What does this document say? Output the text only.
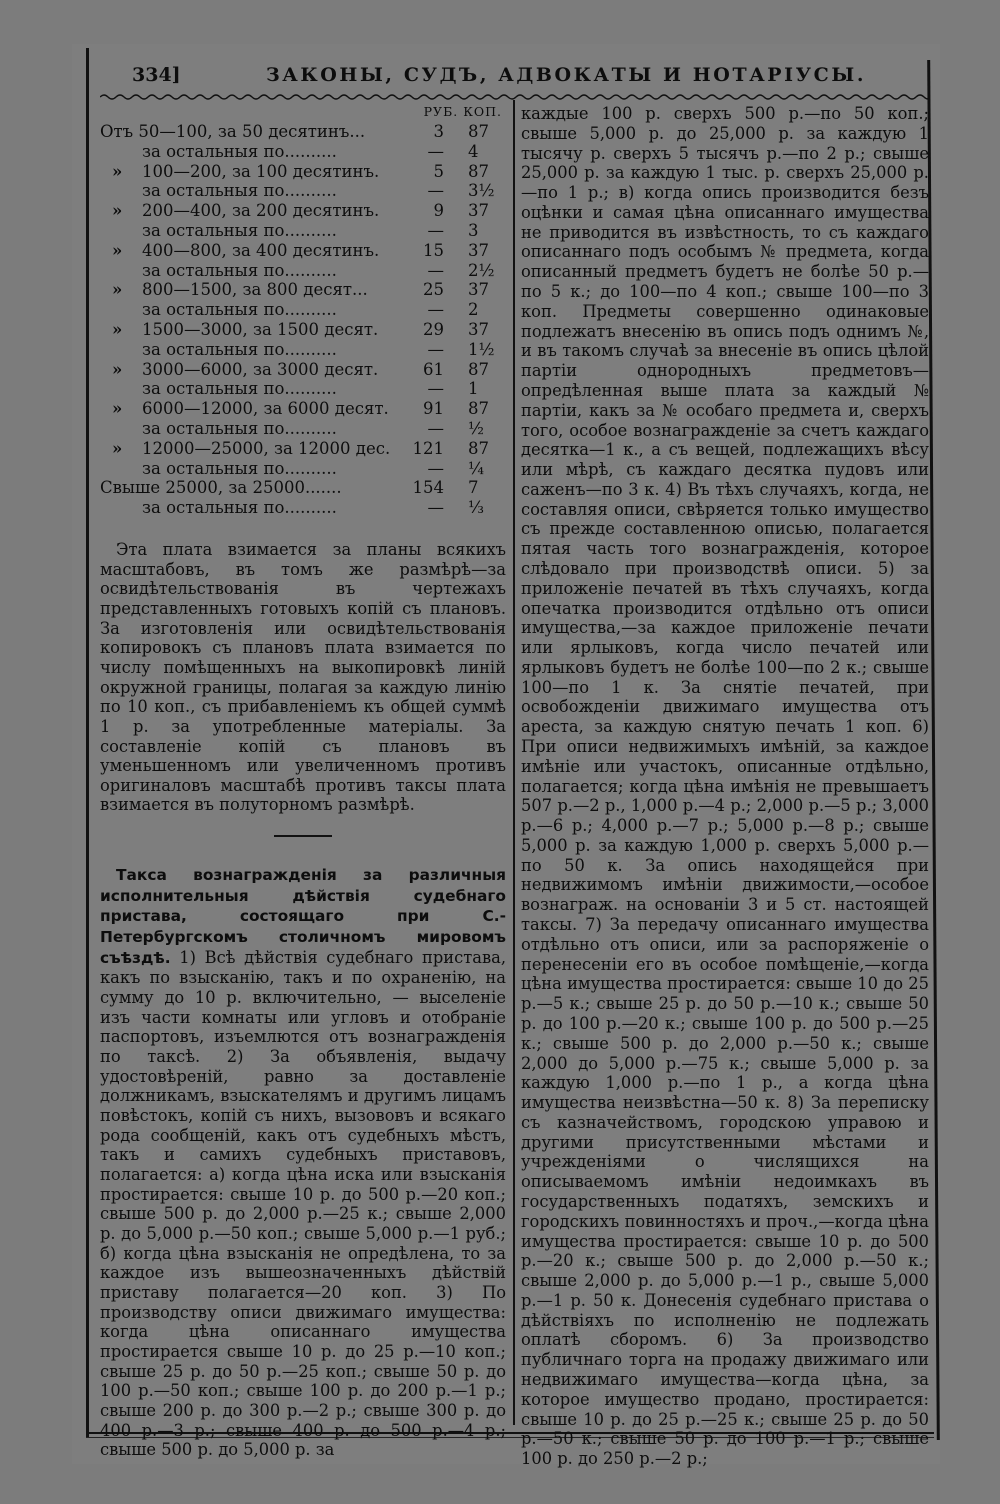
334]	ЗАКОНЫ, СУДЪ, АДВОКАТЫ И НОТАРІУСЫ.
РУБ. КОП.
Отъ 50—100, за 50 десятинъ...	3 87
за остальныя по..........	— 4
» 100—200, за 100 десятинъ.	5 87
за остальныя по..........	— 3½
» 200—400, за 200 десятинъ.	9 37
за остальныя по..........	— 3
» 400—800, за 400 десятинъ.	15 37
за остальныя по..........	— 2½
» 800—1500, за 800 десят...	25 37
за остальныя по..........	— 2
» 1500—3000, за 1500 десят.	29 37
за остальныя по..........	— 1½
» 3000—6000, за 3000 десят.	61 87
за остальныя по..........	— 1
» 6000—12000, за 6000 десят. 91 87
за остальныя по..........	— ½
» 12000—25000, за 12000 дес. 121 87
за остальныя по..........	— ¼
Свыше 25000, за 25000.......	154 7
за остальныя по..........	— ⅓
Эта плата взимается за планы всякихъ масштабовъ, въ томъ же размѣрѣ—за освидѣтельствованія въ чертежахъ представленныхъ готовыхъ копій съ плановъ. За изготовленія или освидѣтельствованія копировокъ съ плановъ плата взимается по числу помѣщенныхъ на выкопировкѣ линій окружной границы, полагая за каждую линію по 10 коп., съ прибавленіемъ къ общей суммѣ 1 р. за употребленные матеріалы. За составленіе копій съ плановъ въ уменьшенномъ или увеличенномъ противъ оригиналовъ масштабѣ противъ таксы плата взимается въ полуторномъ размѣрѣ.
Такса вознагражденія за различныя исполнительныя дѣйствія судебнаго пристава, состоящаго при С.-Петербургскомъ столичномъ мировомъ съѣздѣ. 1) Всѣ дѣйствія судебнаго пристава, какъ по взысканію, такъ и по охраненію, на сумму до 10 р. включительно, — выселеніе изъ части комнаты или угловъ и отобраніе паспортовъ, изъемлются отъ вознагражденія по таксѣ. 2) За объявленія, выдачу удостовѣреній, равно за доставленіе должникамъ, взыскателямъ и другимъ лицамъ повѣстокъ, копій съ нихъ, вызововъ и всякаго рода сообщеній, какъ отъ судебныхъ мѣстъ, такъ и самихъ судебныхъ приставовъ, полагается: а) когда цѣна иска или взысканія простирается: свыше 10 р. до 500 р.—20 коп.; свыше 500 р. до 2,000 р.—25 к.; свыше 2,000 р. до 5,000 р.—50 коп.; свыше 5,000 р.—1 руб.; б) когда цѣна взысканія не опредѣлена, то за каждое изъ вышеозначенныхъ дѣйствій приставу полагается—20 коп. 3) По производству описи движимаго имущества: когда цѣна описаннаго имущества простирается свыше 10 р. до 25 р.—10 коп.; свыше 25 р. до 50 р.—25 коп.; свыше 50 р. до 100 р.—50 коп.; свыше 100 р. до 200 р.—1 р.; свыше 200 р. до 300 р.—2 р.; свыше 300 р. до 400 р.—3 р.; свыше 400 р. до 500 р.—4 р.; свыше 500 р. до 5,000 р. за
каждые 100 р. сверхъ 500 р.—по 50 коп.; свыше 5,000 р. до 25,000 р. за каждую 1 тысячу р. сверхъ 5 тысячъ р.—по 2 р.; свыше 25,000 р. за каждую 1 тыс. р. сверхъ 25,000 р.—по 1 р.; в) когда опись производится безъ оцѣнки и самая цѣна описаннаго имущества не приводится въ извѣстность, то съ каждаго описаннаго подъ особымъ № предмета, когда описанный предметъ будетъ не болѣе 50 р.—по 5 к.; до 100—по 4 коп.; свыше 100—по 3 коп. Предметы совершенно одинаковые подлежатъ внесенію въ опись подъ однимъ №, и въ такомъ случаѣ за внесеніе въ опись цѣлой партіи однородныхъ предметовъ—опредѣленная выше плата за каждый № партіи, какъ за № особаго предмета и, сверхъ того, особое вознагражденіе за счетъ каждаго десятка—1 к., а съ вещей, подлежащихъ вѣсу или мѣрѣ, съ каждаго десятка пудовъ или саженъ—по 3 к. 4) Въ тѣхъ случаяхъ, когда, не составляя описи, свѣряется только имущество съ прежде составленною описью, полагается пятая часть того вознагражденія, которое слѣдовало при производствѣ описи. 5) за приложеніе печатей въ тѣхъ случаяхъ, когда опечатка производится отдѣльно отъ описи имущества,—за каждое приложеніе печати или ярлыковъ, когда число печатей или ярлыковъ будетъ не болѣе 100—по 2 к.; свыше 100—по 1 к. За снятіе печатей, при освобожденіи движимаго имущества отъ ареста, за каждую снятую печать 1 коп. 6) При описи недвижимыхъ имѣній, за каждое имѣніе или участокъ, описанные отдѣльно, полагается; когда цѣна имѣнія не превышаетъ 507 р.—2 р., 1,000 р.—4 р.; 2,000 р.—5 р.; 3,000 р.—6 р.; 4,000 р.—7 р.; 5,000 р.—8 р.; свыше 5,000 р. за каждую 1,000 р. сверхъ 5,000 р.—по 50 к. За опись находящейся при недвижимомъ имѣніи движимости,—особое вознаграж. на основаніи 3 и 5 ст. настоящей таксы. 7) За передачу описаннаго имущества отдѣльно отъ описи, или за распоряженіе о перенесеніи его въ особое помѣщеніе,—когда цѣна имущества простирается: свыше 10 до 25 р.—5 к.; свыше 25 р. до 50 р.—10 к.; свыше 50 р. до 100 р.—20 к.; свыше 100 р. до 500 р.—25 к.; свыше 500 р. до 2,000 р.—50 к.; свыше 2,000 до 5,000 р.—75 к.; свыше 5,000 р. за каждую 1,000 р.—по 1 р., а когда цѣна имущества неизвѣстна—50 к. 8) За переписку съ казначействомъ, городскою управою и другими присутственными мѣстами и учрежденіями о числящихся на описываемомъ имѣніи недоимкахъ въ государственныхъ податяхъ, земскихъ и городскихъ повинностяхъ и проч.,—когда цѣна имущества простирается: свыше 10 р. до 500 р.—20 к.; свыше 500 р. до 2,000 р.—50 к.; свыше 2,000 р. до 5,000 р.—1 р., свыше 5,000 р.—1 р. 50 к. Донесенія судебнаго пристава о дѣйствіяхъ по исполненію не подлежать оплатѣ сборомъ. 6) За производство публичнаго торга на продажу движимаго или недвижимаго имущества—когда цѣна, за которое имущество продано, простирается: свыше 10 р. до 25 р.—25 к.; свыше 25 р. до 50 р.—50 к.; свыше 50 р. до 100 р.—1 р.; свыше 100 р. до 250 р.—2 р.;
